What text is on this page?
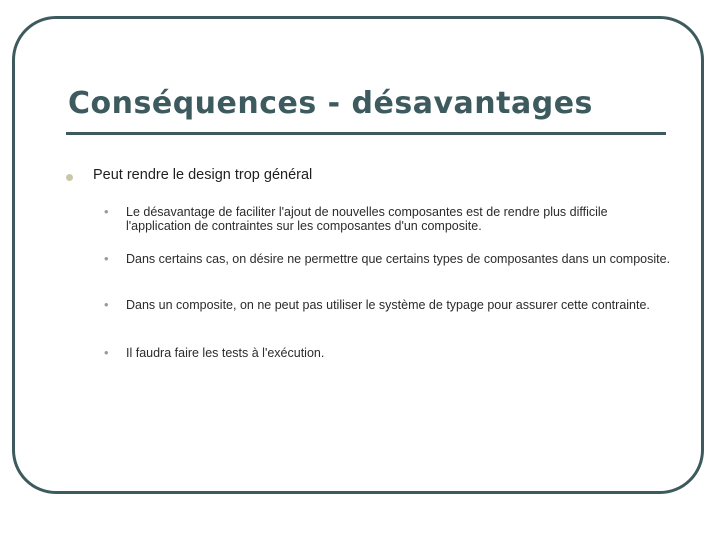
Conséquences - désavantages
Peut rendre le design trop général
• Le désavantage de faciliter l'ajout de nouvelles composantes est de rendre plus difficile l'application de contraintes sur les composantes d'un composite.
• Dans certains cas, on désire ne permettre que certains types de composantes dans un composite.
• Dans un composite, on ne peut pas utiliser le système de typage pour assurer cette contrainte.
• Il faudra faire les tests à l'exécution.
